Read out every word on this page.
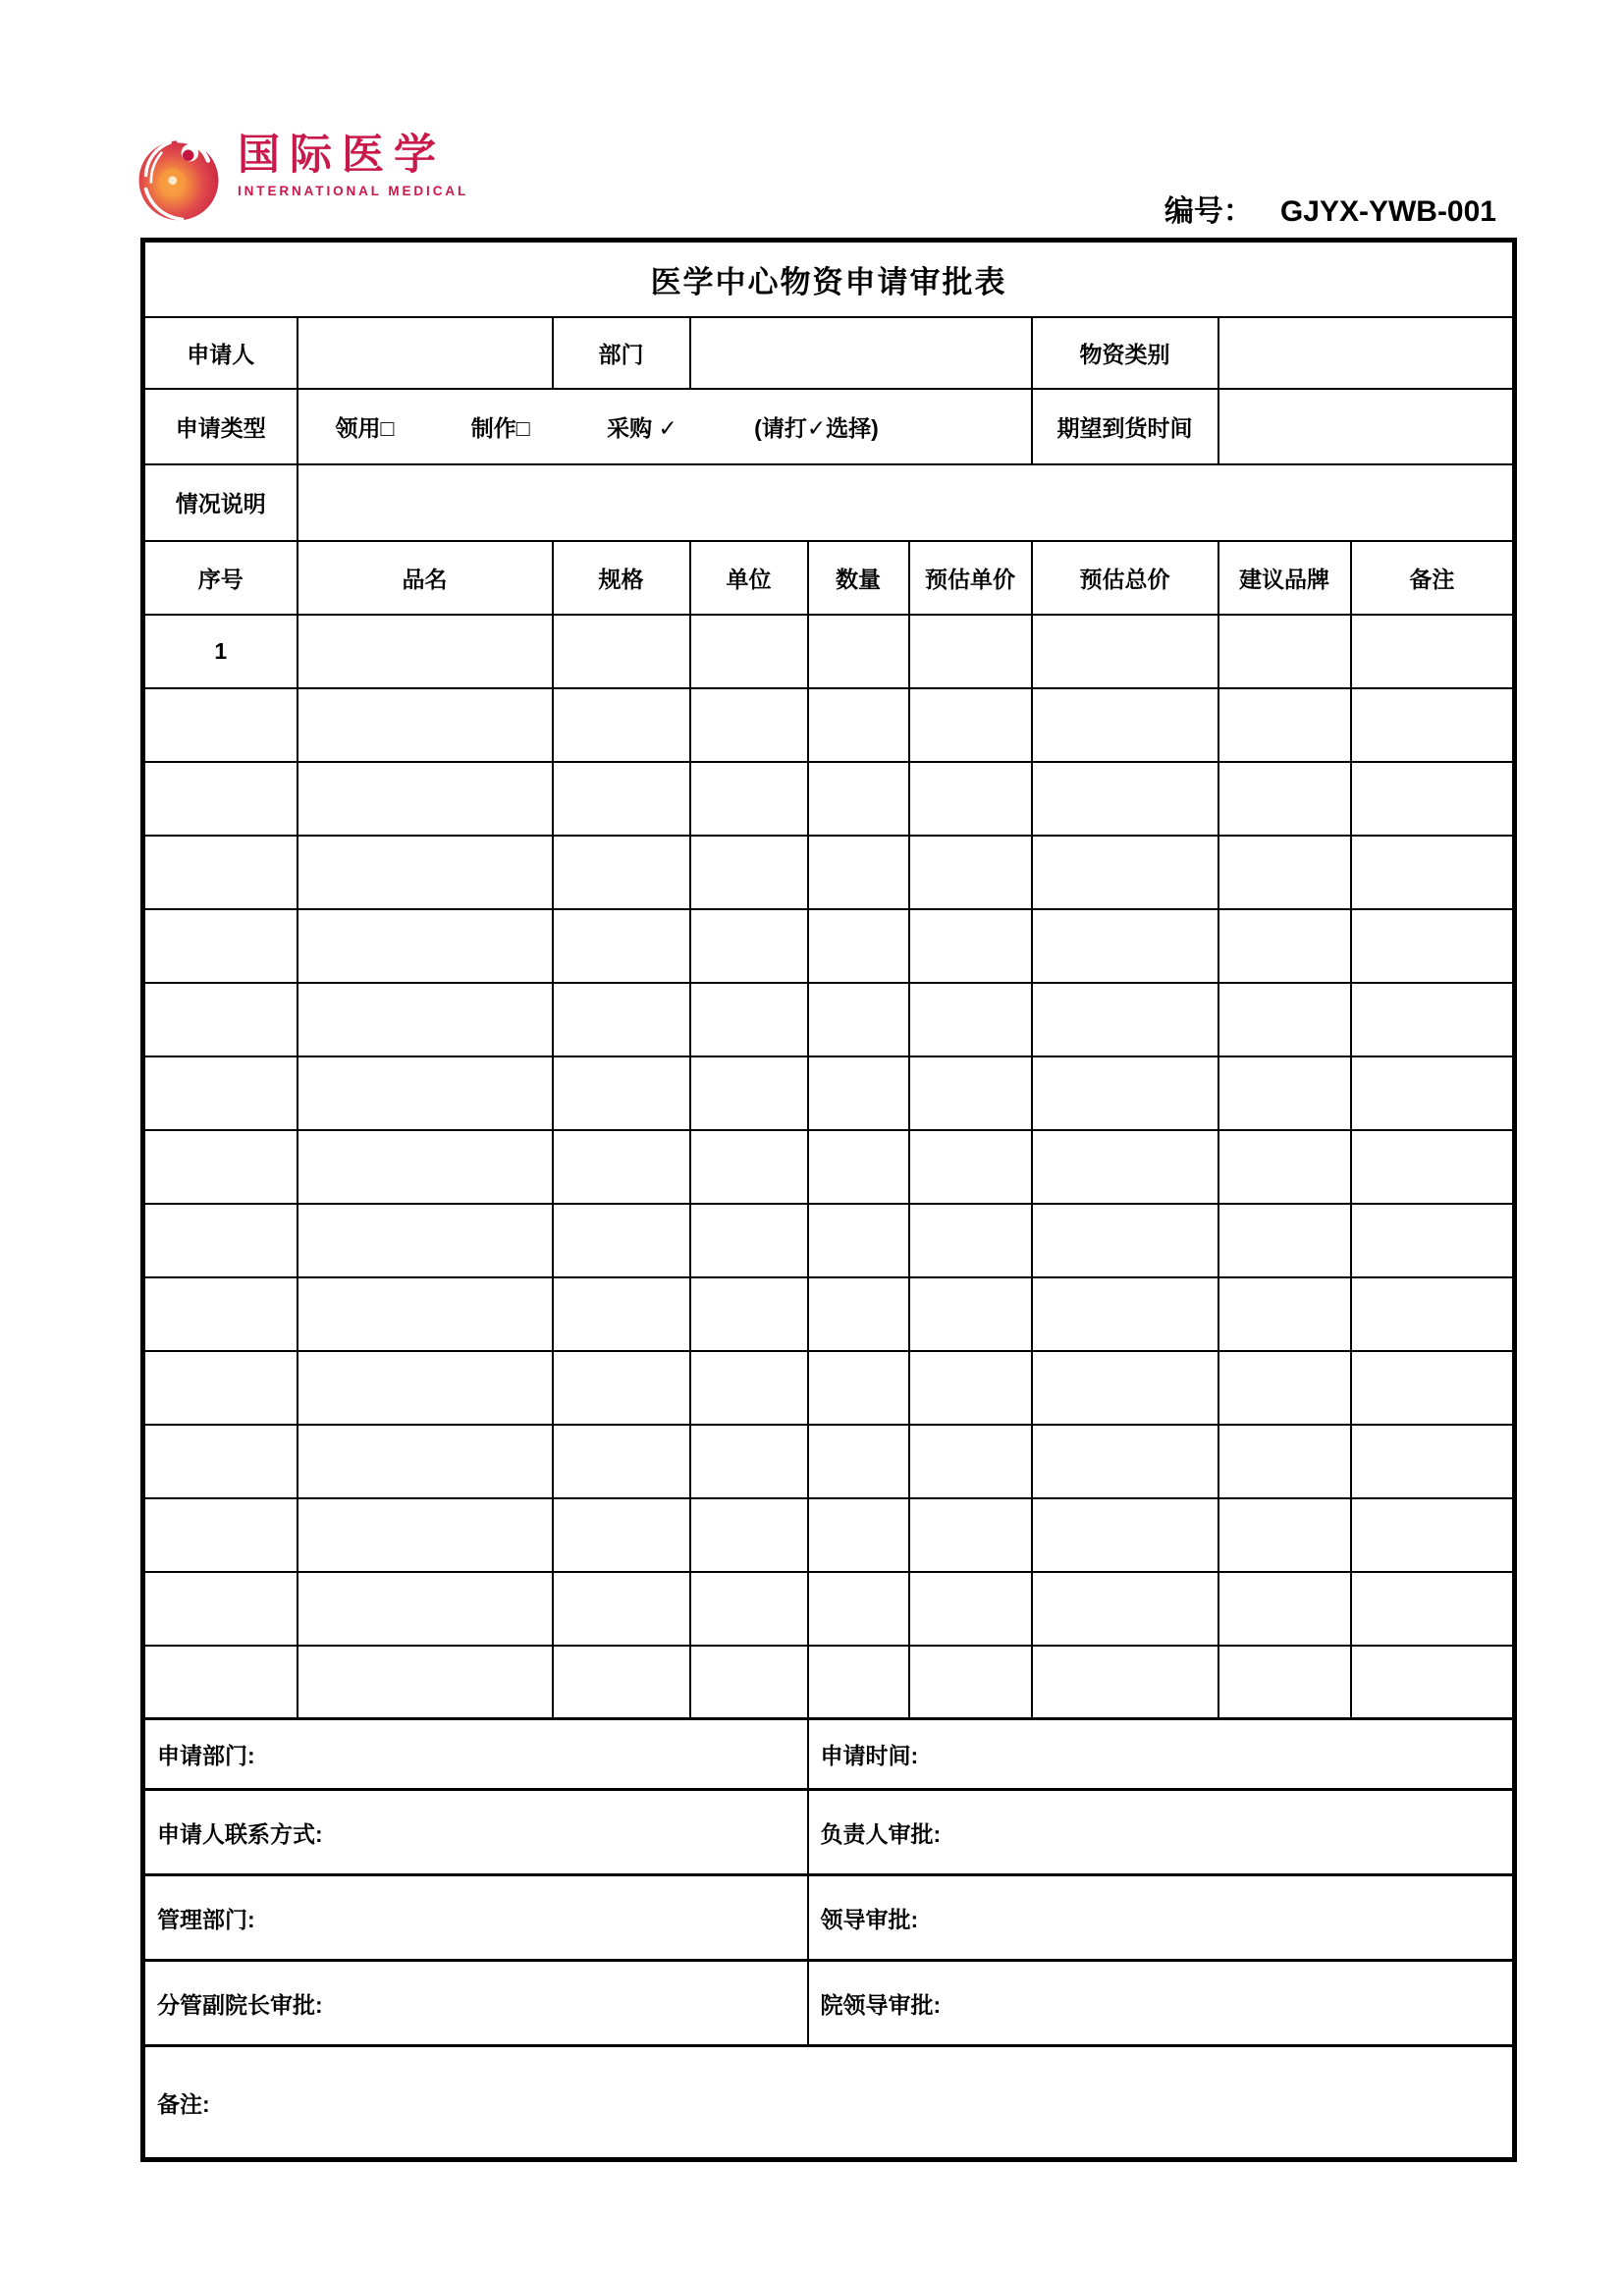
国际医学
INTERNATIONAL MEDICAL
编号： GJYX-YWB-001
医学中心物资申请审批表								
申请人		部门				物资类别		
申请类型	领用□ 制作□ 采购 ✓ (请打✓选择)					期望到货时间		
情况说明								
序号	品名	规格	单位	数量	预估单价	预估总价	建议品牌	备注
1								

申请部门:				申请时间:				
申请人联系方式:				负责人审批:				
管理部门:				领导审批:				
分管副院长审批:				院领导审批:				
备注:								
